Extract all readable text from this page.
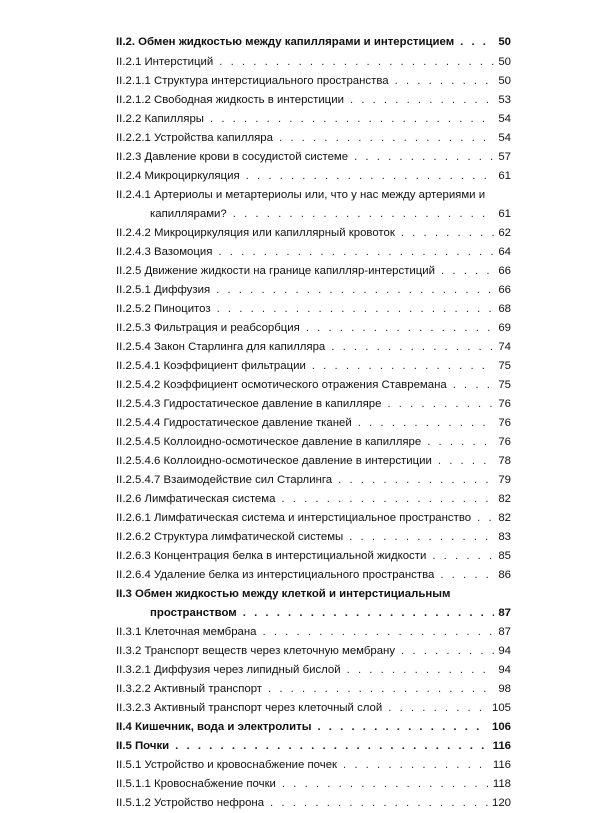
II.2. Обмен жидкостью между капиллярами и интерстицием . . .	50
II.2.1 Интерстиций . . .	50
II.2.1.1 Структура интерстициального пространства . . .	50
II.2.1.2 Свободная жидкость в интерстиции . . .	53
II.2.2 Капилляры . . .	54
II.2.2.1 Устройства капилляра . . .	54
II.2.3 Давление крови в сосудистой системе . . .	57
II.2.4 Микроциркуляция . . .	61
II.2.4.1 Артериолы и метартериолы или, что у нас между артериями и
капиллярами? . . .	61
II.2.4.2 Микроциркуляция или капиллярный кровоток . . .	62
II.2.4.3 Вазомоция . . .	64
II.2.5 Движение жидкости на границе капилляр-интерстиций . . .	66
II.2.5.1 Диффузия . . .	66
II.2.5.2 Пиноцитоз . . .	68
II.2.5.3 Фильтрация и реабсорбция . . .	69
II.2.5.4 Закон Старлинга для капилляра . . .	74
II.2.5.4.1 Коэффициент фильтрации . . .	75
II.2.5.4.2 Коэффициент осмотического отражения Ставремана . . .	75
II.2.5.4.3 Гидростатическое давление в капилляре . . .	76
II.2.5.4.4 Гидростатическое давление тканей . . .	76
II.2.5.4.5 Коллоидно-осмотическое давление в капилляре . . .	76
II.2.5.4.6 Коллоидно-осмотическое давление в интерстиции . . .	78
II.2.5.4.7 Взаимодействие сил Старлинга . . .	79
II.2.6 Лимфатическая система . . .	82
II.2.6.1 Лимфатическая система и интерстициальное пространство . . . 82
II.2.6.2 Структура лимфатической системы . . .	83
II.2.6.3 Концентрация белка в интерстициальной жидкости . . .	85
II.2.6.4 Удаление белка из интерстициального пространства . . .	86
II.3 Обмен жидкостью между клеткой и интерстициальным
пространством . . .	87
II.3.1 Клеточная мембрана . . .	87
II.3.2 Транспорт веществ через клеточную мембрану . . .	94
II.3.2.1 Диффузия через липидный бислой . . .	94
II.3.2.2 Активный транспорт . . .	98
II.3.2.3 Активный транспорт через клеточный слой . . .	105
II.4 Кишечник, вода и электролиты . . .	106
II.5 Почки . . .	116
II.5.1 Устройство и кровоснабжение почек . . .	116
II.5.1.1 Кровоснабжение почки . . .	118
II.5.1.2 Устройство нефрона . . .	120
